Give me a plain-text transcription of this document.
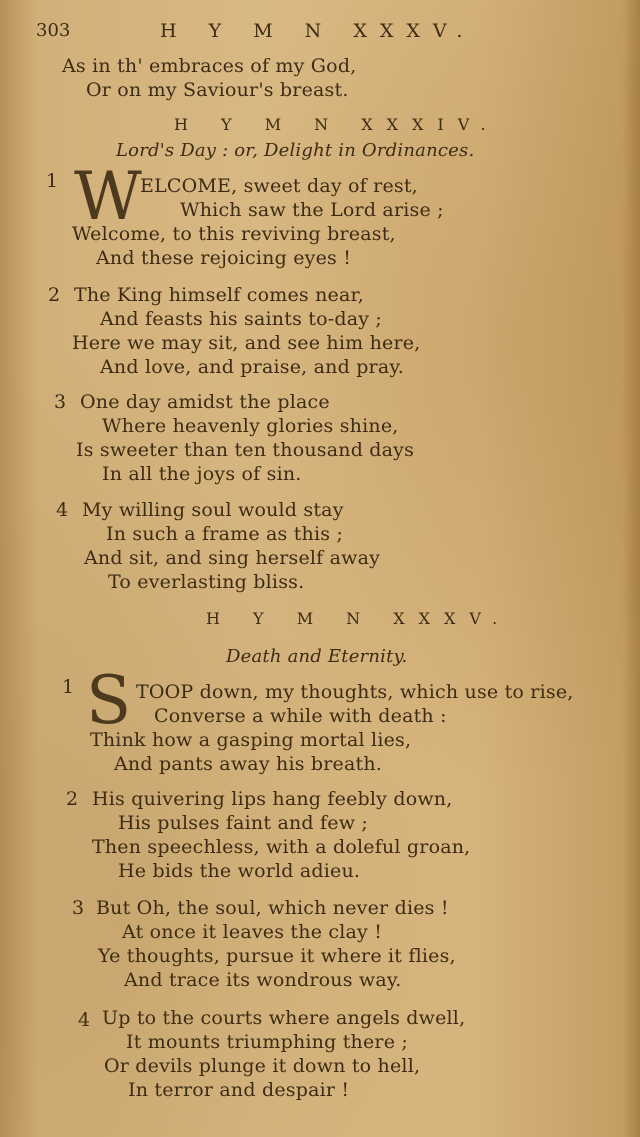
303	H Y M N XXXV.
As in th' embraces of my God,
Or on my Saviour's breast.
H Y M N XXXIV.
Lord's Day : or, Delight in Ordinances.
1 W
ELCOME, sweet day of rest,
Which saw the Lord arise ;
Welcome, to this reviving breast,
And these rejoicing eyes !
2 The King himself comes near,
And feasts his saints to-day ;
Here we may sit, and see him here,
And love, and praise, and pray.
3 One day amidst the place
Where heavenly glories shine,
Is sweeter than ten thousand days
In all the joys of sin.
4 My willing soul would stay
In such a frame as this ;
And sit, and sing herself away
To everlasting bliss.
H Y M N XXXV.
Death and Eternity.
1 S TOOP down, my thoughts, which use to rise,
Converse a while with death :
Think how a gasping mortal lies,
And pants away his breath.
2 His quivering lips hang feebly down,
His pulses faint and few ;
Then speechless, with a doleful groan,
He bids the world adieu.
3 But Oh, the soul, which never dies !
At once it leaves the clay !
Ye thoughts, pursue it where it flies,
And trace its wondrous way.
4 Up to the courts where angels dwell,
It mounts triumphing there ;
Or devils plunge it down to hell,
In terror and despair !
